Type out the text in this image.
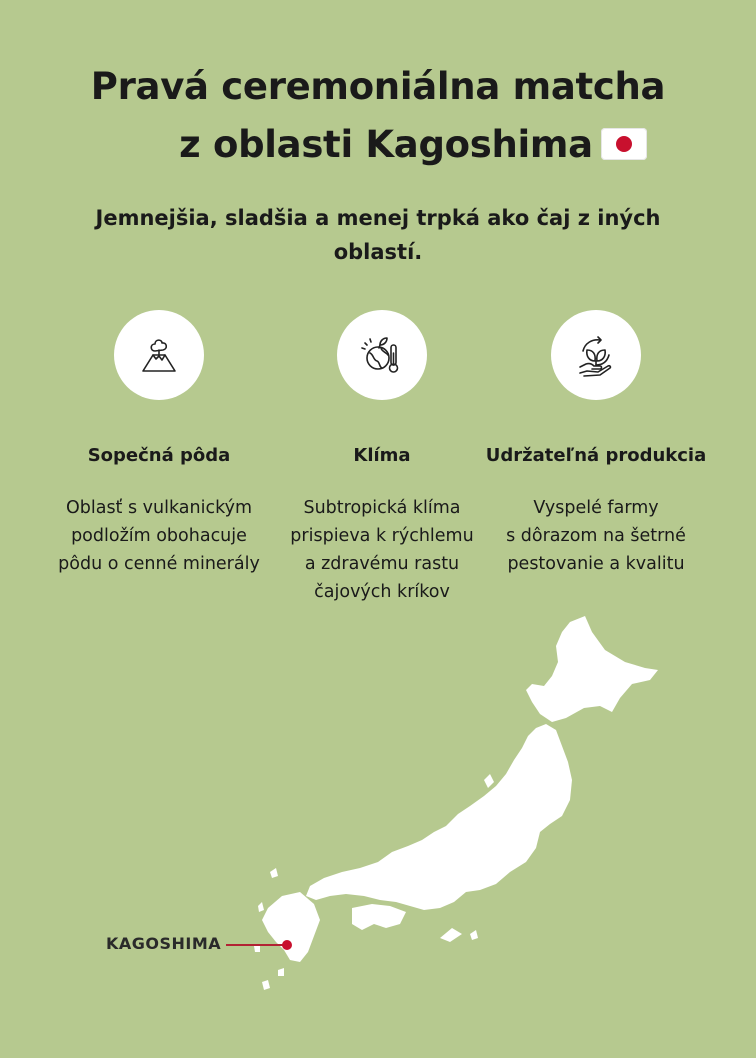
Pravá ceremoniálna matcha
z oblasti Kagoshima
Jemnejšia, sladšia a menej trpká ako čaj z iných oblastí.
Sopečná pôda
Oblasť s vulkanickým
podložím obohacuje
pôdu o cenné minerály
Klíma
Subtropická klíma
prispieva k rýchlemu
a zdravému rastu
čajových kríkov
Udržateľná produkcia
Vyspelé farmy
s dôrazom na šetrné
pestovanie a kvalitu
KAGOSHIMA
